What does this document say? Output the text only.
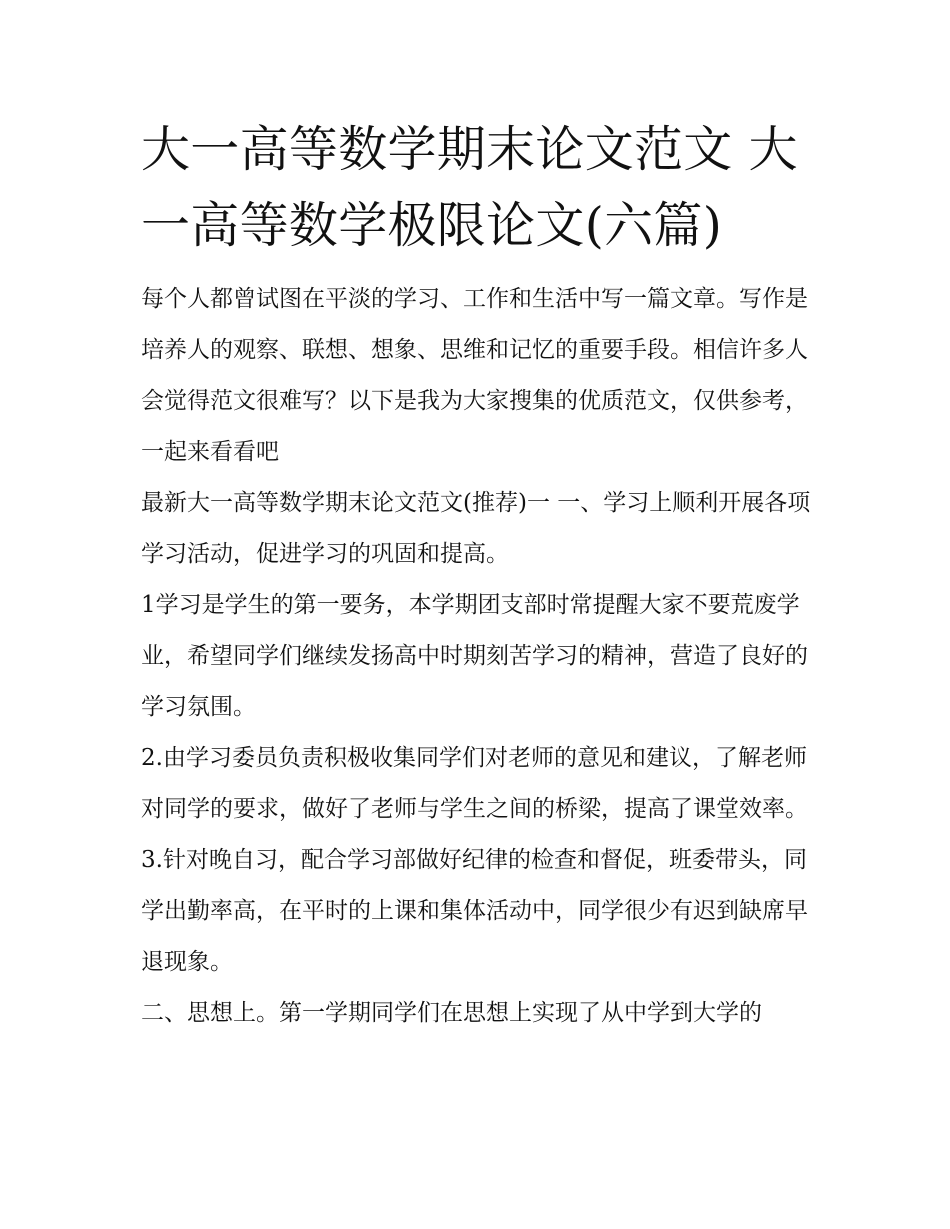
大一高等数学期末论文范文 大一高等数学极限论文(六篇)

每个人都曾试图在平淡的学习、工作和生活中写一篇文章。写作是培养人的观察、联想、想象、思维和记忆的重要手段。相信许多人会觉得范文很难写？以下是我为大家搜集的优质范文，仅供参考，一起来看看吧

最新大一高等数学期末论文范文(推荐)一 一、学习上顺利开展各项学习活动，促进学习的巩固和提高。

1学习是学生的第一要务，本学期团支部时常提醒大家不要荒废学业，希望同学们继续发扬高中时期刻苦学习的精神，营造了良好的学习氛围。

2.由学习委员负责积极收集同学们对老师的意见和建议，了解老师对同学的要求，做好了老师与学生之间的桥梁，提高了课堂效率。

3.针对晚自习，配合学习部做好纪律的检查和督促，班委带头，同学出勤率高，在平时的上课和集体活动中，同学很少有迟到缺席早退现象。

二、思想上。第一学期同学们在思想上实现了从中学到大学的
